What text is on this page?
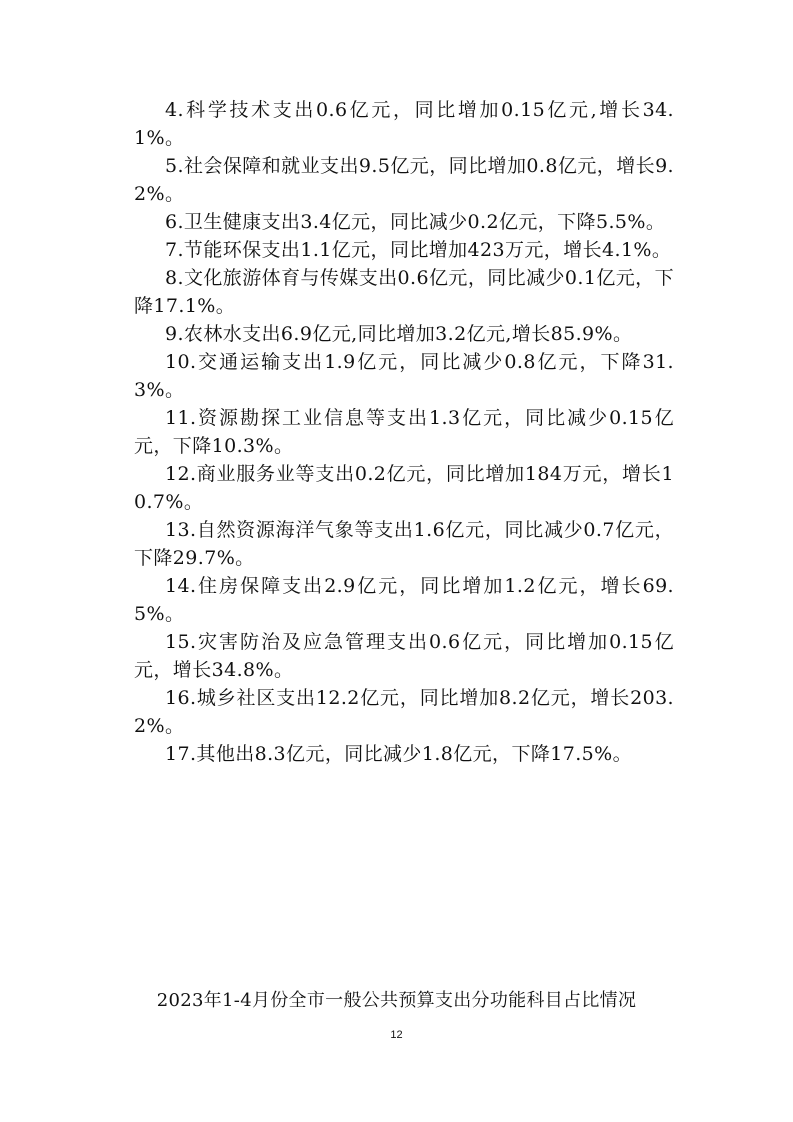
4.科学技术支出0.6亿元，同比增加0.15亿元,增长34.1%。

5.社会保障和就业支出9.5亿元，同比增加0.8亿元，增长9.2%。

6.卫生健康支出3.4亿元，同比减少0.2亿元，下降5.5%。

7.节能环保支出1.1亿元，同比增加423万元，增长4.1%。

8.文化旅游体育与传媒支出0.6亿元，同比减少0.1亿元，下降17.1%。

9.农林水支出6.9亿元,同比增加3.2亿元,增长85.9%。

10.交通运输支出1.9亿元，同比减少0.8亿元，下降31.3%。

11.资源勘探工业信息等支出1.3亿元，同比减少0.15亿元，下降10.3%。

12.商业服务业等支出0.2亿元，同比增加184万元，增长10.7%。

13.自然资源海洋气象等支出1.6亿元，同比减少0.7亿元，下降29.7%。

14.住房保障支出2.9亿元，同比增加1.2亿元，增长69.5%。

15.灾害防治及应急管理支出0.6亿元，同比增加0.15亿元，增长34.8%。

16.城乡社区支出12.2亿元，同比增加8.2亿元，增长203.2%。

17.其他出8.3亿元，同比减少1.8亿元，下降17.5%。

2023年1-4月份全市一般公共预算支出分功能科目占比情况
12
